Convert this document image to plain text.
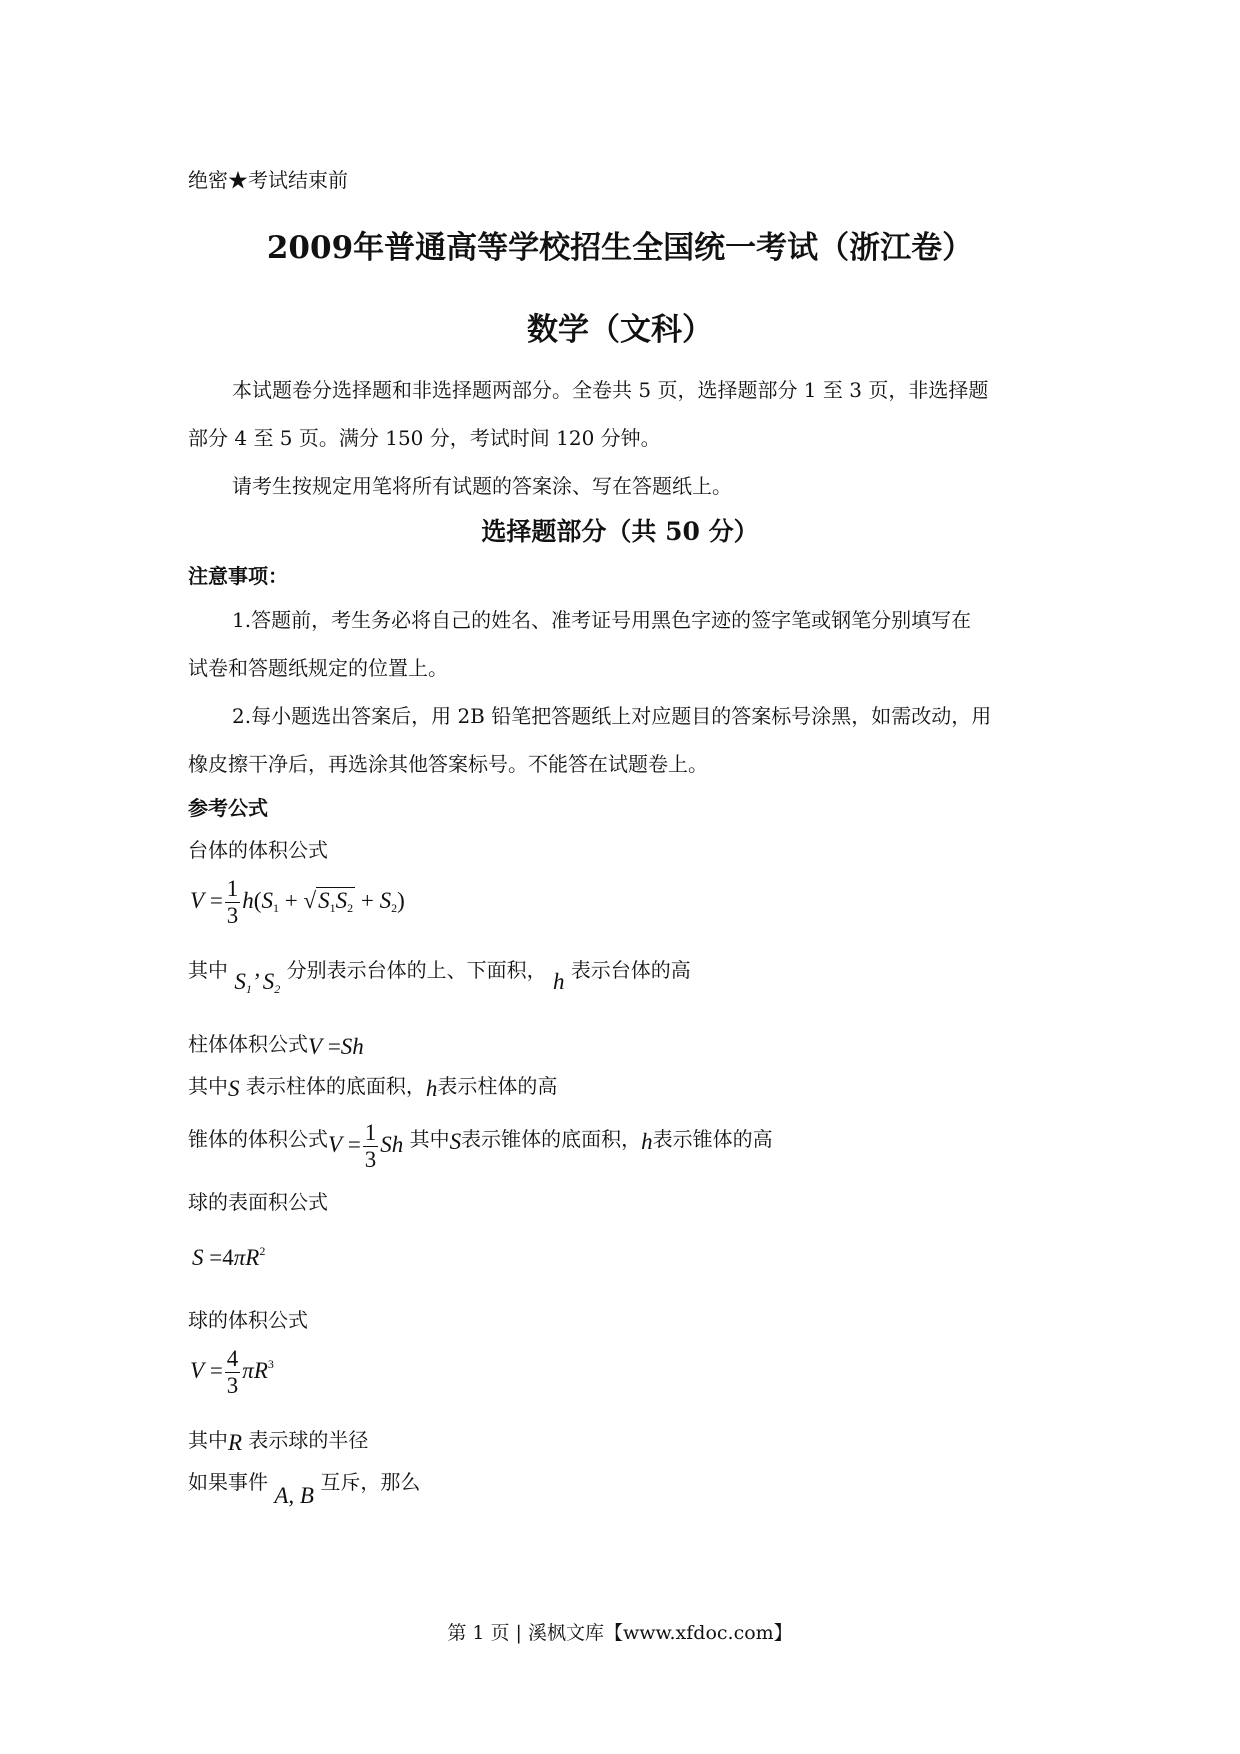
绝密★考试结束前
2009年普通高等学校招生全国统一考试（浙江卷）
数学（文科）
本试题卷分选择题和非选择题两部分。全卷共 5 页，选择题部分 1 至 3 页，非选择题
部分 4 至 5 页。满分 150 分，考试时间 120 分钟。
请考生按规定用笔将所有试题的答案涂、写在答题纸上。
选择题部分（共 50 分）
注意事项：
1.答题前，考生务必将自己的姓名、准考证号用黑色字迹的签字笔或钢笔分别填写在
试卷和答题纸规定的位置上。
2.每小题选出答案后，用 2B 铅笔把答题纸上对应题目的答案标号涂黑，如需改动，用
橡皮擦干净后，再选涂其他答案标号。不能答在试题卷上。
参考公式
台体的体积公式
$V = \frac{1}{3} h(S_1 + √S_1S_2 + S_2)$
其中 $S_1$’ $S_2$ 分别表示台体的上、下面积， h 表示台体的高
柱体体积公式V =Sh
其中S 表示柱体的底面积，h表示柱体的高
锥体的体积公式$V = \frac{1}{3}$ Sh 其中S表示锥体的底面积，h表示锥体的高
球的表面积公式
$S =4\pi R^2$
球的体积公式
$V = \frac{4}{3} \pi R^3$
其中R 表示球的半径
如果事件 A, B 互斥，那么
第 1 页 | 溪枫文库【www.xfdoc.com】
